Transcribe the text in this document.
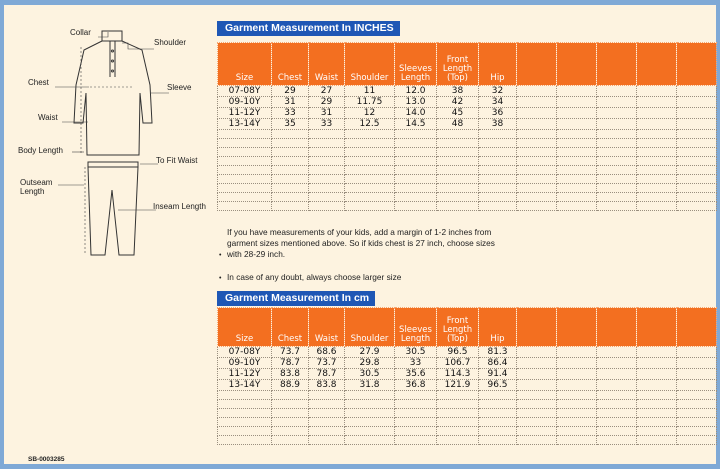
Collar
Shoulder
Chest
Sleeve
Waist
Body Length
To Fit Waist
Outseam
Length
Inseam Length
SB-0003285
Garment Measurement In INCHES
Size	Chest	Waist	Shoulder	Sleeves Length	Front Length (Top)	Hip					
07-08Y	29	27	11	12.0	38	32					
09-10Y	31	29	11.75	13.0	42	34					
11-12Y	33	31	12	14.0	45	36					
13-14Y	35	33	12.5	14.5	48	38					

•
If you have measurements of your kids, add a margin of 1-2 inches from garment sizes mentioned above. So if kids chest is 27 inch, choose sizes with 28-29 inch.
• In case of any doubt, always choose larger size
Garment Measurement In cm
Size	Chest	Waist	Shoulder	Sleeves Length	Front Length (Top)	Hip					
07-08Y	73.7	68.6	27.9	30.5	96.5	81.3					
09-10Y	78.7	73.7	29.8	33	106.7	86.4					
11-12Y	83.8	78.7	30.5	35.6	114.3	91.4					
13-14Y	88.9	83.8	31.8	36.8	121.9	96.5					
